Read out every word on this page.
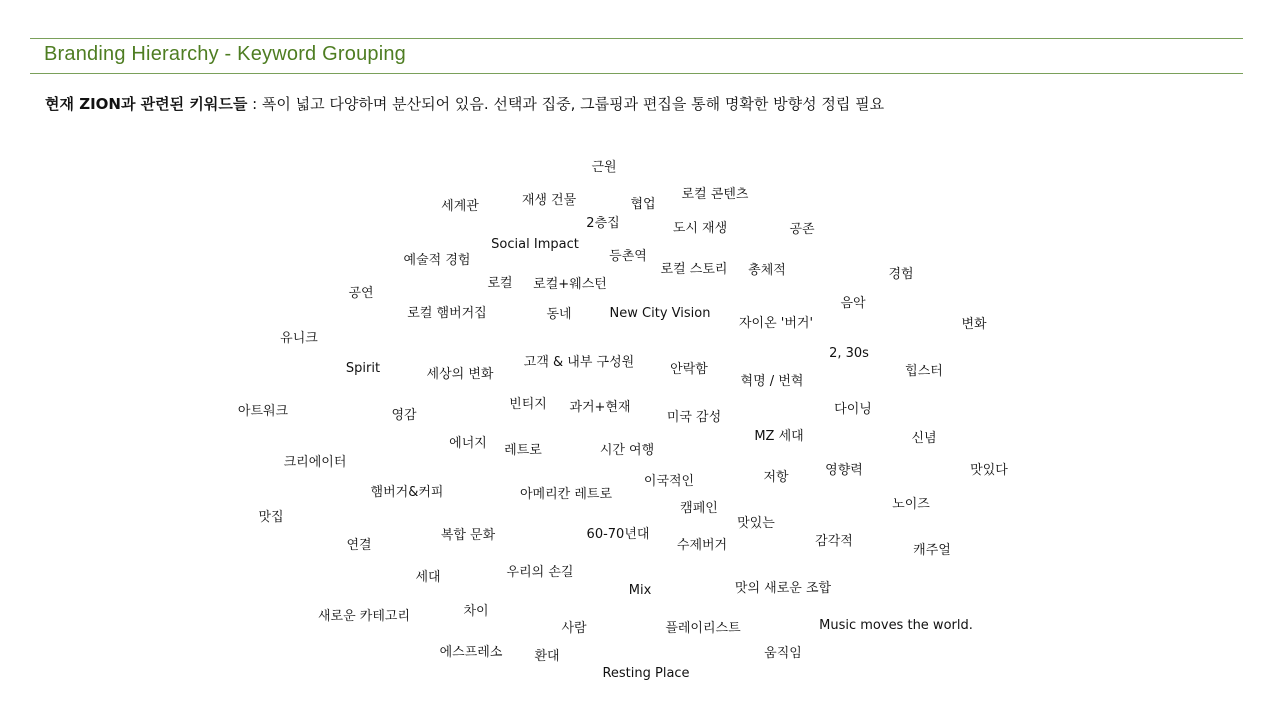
Branding Hierarchy - Keyword Grouping
현재 ZION과 관련된 키워드들 : 폭이 넓고 다양하며 분산되어 있음. 선택과 집중, 그룹핑과 편집을 통해 명확한 방향성 정립 필요
근원
세계관	재생 건물	협업
로컬 콘텐츠
2층집	도시 재생	공존
Social Impact
예술적 경험	등촌역
로컬 스토리 총체적	경험
로컬 로컬+웨스턴
공연
음악
로컬 햄버거집	동네	New City Vision
자이온 '버거'	변화
유니크
2, 30s
고객 & 내부 구성원
Spirit	안락함
세상의 변화	힙스터
혁명 / 번혁
빈티지 과거+현재
아트워크	다이닝
영감	미국 감성
MZ 세대	신념
에너지 레트로	시간 여행
크리에이터
영향력	맛있다
저항
이국적인
햄버거&커피	아메리칸 레트로
노이즈
캠페인
맛집	맛있는
복합 문화	60-70년대	감각적
연결	수제버거	캐주얼
우리의 손길
세대
Mix	맛의 새로운 조합
차이
새로운 카테고리
사람	플레이리스트	Music moves the world.
에스프레소	움직임
환대
Resting Place
